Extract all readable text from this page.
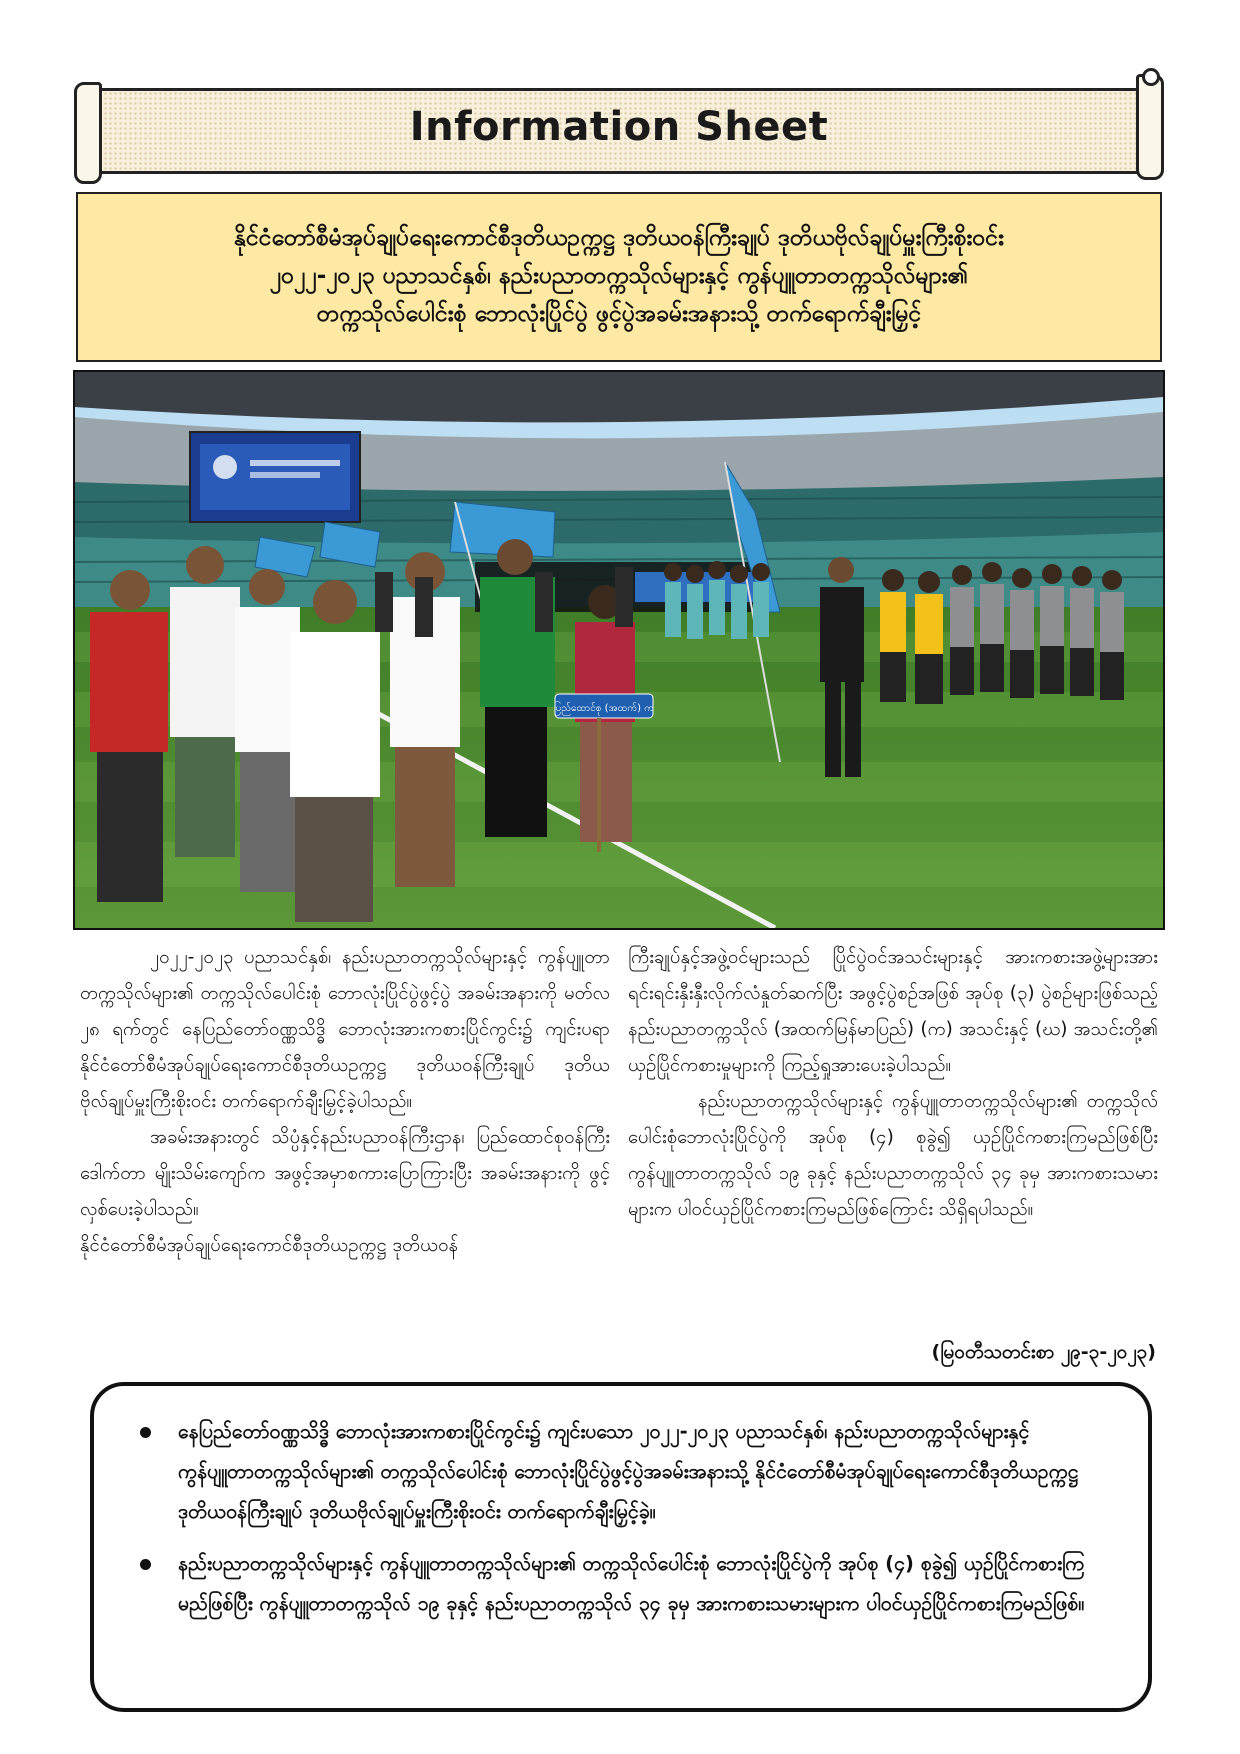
Information Sheet
နိုင်ငံတော်စီမံအုပ်ချုပ်ရေးကောင်စီဒုတိယဥက္ကဋ္ဌ ဒုတိယဝန်ကြီးချုပ် ဒုတိယဗိုလ်ချုပ်မှူးကြီးစိုးဝင်း
၂၀၂၂-၂၀၂၃ ပညာသင်နှစ်၊ နည်းပညာတက္ကသိုလ်များနှင့် ကွန်ပျူတာတက္ကသိုလ်များ၏
တက္ကသိုလ်ပေါင်းစုံ ဘောလုံးပြိုင်ပွဲ ဖွင့်ပွဲအခမ်းအနားသို့ တက်ရောက်ချီးမြှင့်
ပြည်ထောင်စု (အထက်) က

၂၀၂၂-၂၀၂၃ ပညာသင်နှစ်၊ နည်းပညာတက္ကသိုလ်များနှင့် ကွန်ပျူတာတက္ကသိုလ်များ၏ တက္ကသိုလ်ပေါင်းစုံ ဘောလုံးပြိုင်ပွဲဖွင့်ပွဲ အခမ်းအနားကို မတ်လ ၂၈ ရက်တွင် နေပြည်တော်ဝဏ္ဏသိဒ္ဓိ ဘောလုံးအားကစားပြိုင်ကွင်း၌ ကျင်းပရာ နိုင်ငံတော်စီမံအုပ်ချုပ်ရေးကောင်စီဒုတိယဥက္ကဋ္ဌ ဒုတိယဝန်ကြီးချုပ် ဒုတိယဗိုလ်ချုပ်မှူးကြီးစိုးဝင်း တက်ရောက်ချီးမြှင့်ခဲ့ပါသည်။

အခမ်းအနားတွင် သိပ္ပံနှင့်နည်းပညာဝန်ကြီးဌာန၊ ပြည်ထောင်စုဝန်ကြီး ဒေါက်တာ မျိုးသိမ်းကျော်က အဖွင့်အမှာစကားပြောကြားပြီး အခမ်းအနားကို ဖွင့်လှစ်ပေးခဲ့ပါသည်။

နိုင်ငံတော်စီမံအုပ်ချုပ်ရေးကောင်စီဒုတိယဥက္ကဋ္ဌ ဒုတိယဝန်

ကြီးချုပ်နှင့်အဖွဲ့ဝင်များသည် ပြိုင်ပွဲဝင်အသင်းများနှင့် အားကစားအဖွဲ့များအား ရင်းရင်းနှီးနှီးလိုက်လံနှုတ်ဆက်ပြီး အဖွင့်ပွဲစဉ်အဖြစ် အုပ်စု (၃) ပွဲစဉ်များဖြစ်သည့် နည်းပညာတက္ကသိုလ် (အထက်မြန်မာပြည်) (က) အသင်းနှင့် (ဃ) အသင်းတို့၏ ယှဉ်ပြိုင်ကစားမှုများကို ကြည့်ရှုအားပေးခဲ့ပါသည်။

နည်းပညာတက္ကသိုလ်များနှင့် ကွန်ပျူတာတက္ကသိုလ်များ၏ တက္ကသိုလ်ပေါင်းစုံဘောလုံးပြိုင်ပွဲကို အုပ်စု (၄) စုခွဲ၍ ယှဉ်ပြိုင်ကစားကြမည်ဖြစ်ပြီး ကွန်ပျူတာတက္ကသိုလ် ၁၉ ခုနှင့် နည်းပညာတက္ကသိုလ် ၃၄ ခုမှ အားကစားသမားများက ပါဝင်ယှဉ်ပြိုင်ကစားကြမည်ဖြစ်ကြောင်း သိရှိရပါသည်။

(မြဝတီသတင်းစာ ၂၉-၃-၂၀၂၃)
နေပြည်တော်ဝဏ္ဏသိဒ္ဓိ ဘောလုံးအားကစားပြိုင်ကွင်း၌ ကျင်းပသော ၂၀၂၂-၂၀၂၃ ပညာသင်နှစ်၊ နည်းပညာတက္ကသိုလ်များနှင့် ကွန်ပျူတာတက္ကသိုလ်များ၏ တက္ကသိုလ်ပေါင်းစုံ ဘောလုံးပြိုင်ပွဲဖွင့်ပွဲအခမ်းအနားသို့ နိုင်ငံတော်စီမံအုပ်ချုပ်ရေးကောင်စီဒုတိယဥက္ကဋ္ဌ ဒုတိယဝန်ကြီးချုပ် ဒုတိယဗိုလ်ချုပ်မှူးကြီးစိုးဝင်း တက်ရောက်ချီးမြှင့်ခဲ့။
နည်းပညာတက္ကသိုလ်များနှင့် ကွန်ပျူတာတက္ကသိုလ်များ၏ တက္ကသိုလ်ပေါင်းစုံ ဘောလုံးပြိုင်ပွဲကို အုပ်စု (၄) စုခွဲ၍ ယှဉ်ပြိုင်ကစားကြမည်ဖြစ်ပြီး ကွန်ပျူတာတက္ကသိုလ် ၁၉ ခုနှင့် နည်းပညာတက္ကသိုလ် ၃၄ ခုမှ အားကစားသမားများက ပါဝင်ယှဉ်ပြိုင်ကစားကြမည်ဖြစ်။
